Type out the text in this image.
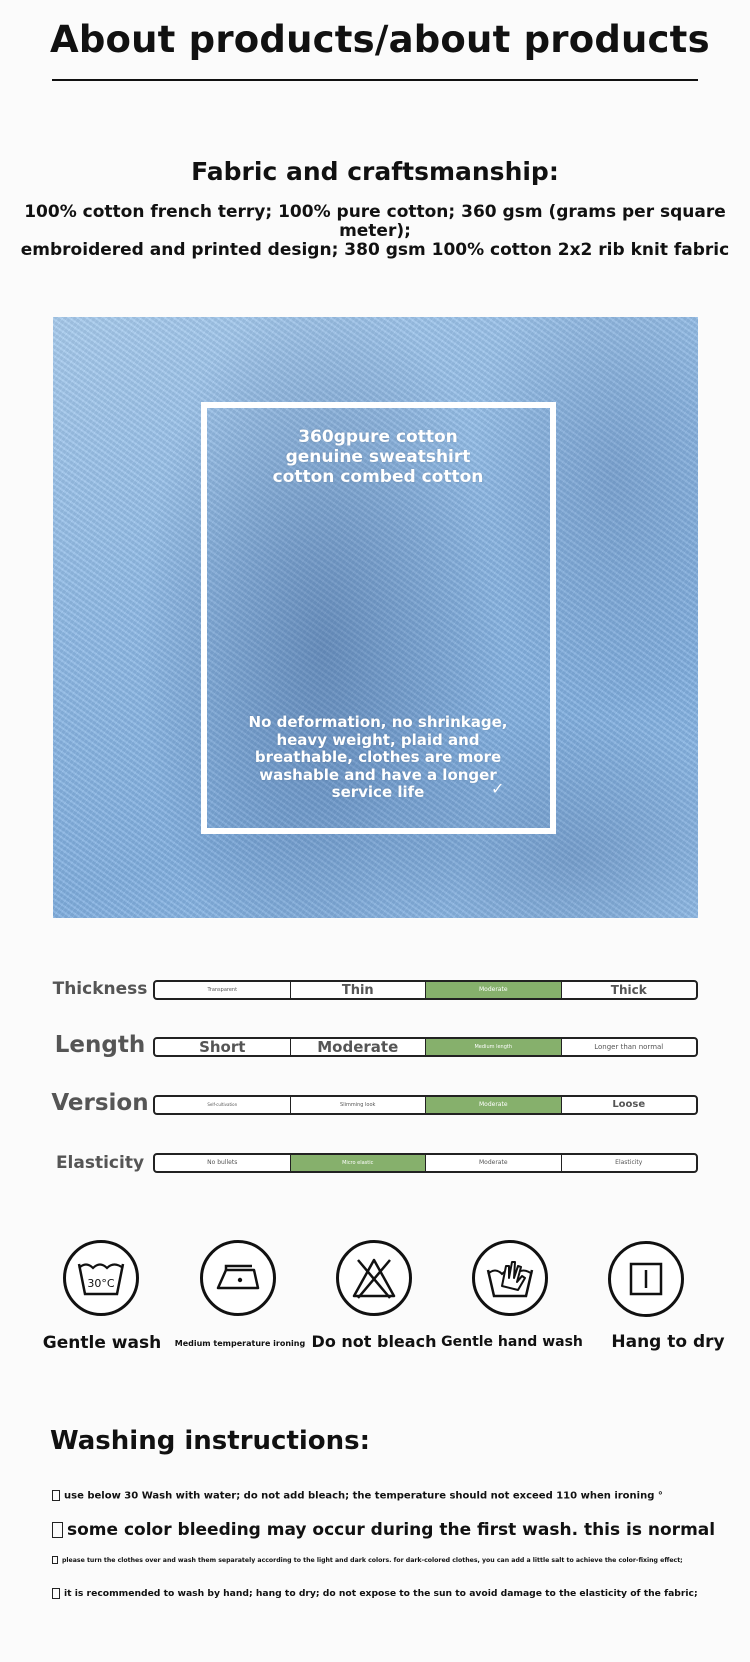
About products/about products
Fabric and craftsmanship:
100% cotton french terry; 100% pure cotton; 360 gsm (grams per square meter);
embroidered and printed design; 380 gsm 100% cotton 2x2 rib knit fabric
360gpure cotton
genuine sweatshirt
cotton combed cotton
No deformation, no shrinkage,
heavy weight, plaid and
breathable, clothes are more
washable and have a longer
service life	✓
Thickness	Transparent	Thin	Moderate	Thick
Length	Short	Moderate	Medium length	Longer than normal
Version	Self-cultivation	Slimming look	Moderate	Loose
Elasticity	No bullets	Micro elastic	Moderate	Elasticity
30°C
Gentle wash	Medium temperature ironing Do not bleach Gentle hand wash	Hang to dry
Washing instructions:
use below 30 Wash with water; do not add bleach; the temperature should not exceed 110 when ironing °
some color bleeding may occur during the first wash. this is normal
please turn the clothes over and wash them separately according to the light and dark colors. for dark-colored clothes, you can add a little salt to achieve the color-fixing effect;
it is recommended to wash by hand; hang to dry; do not expose to the sun to avoid damage to the elasticity of the fabric;
